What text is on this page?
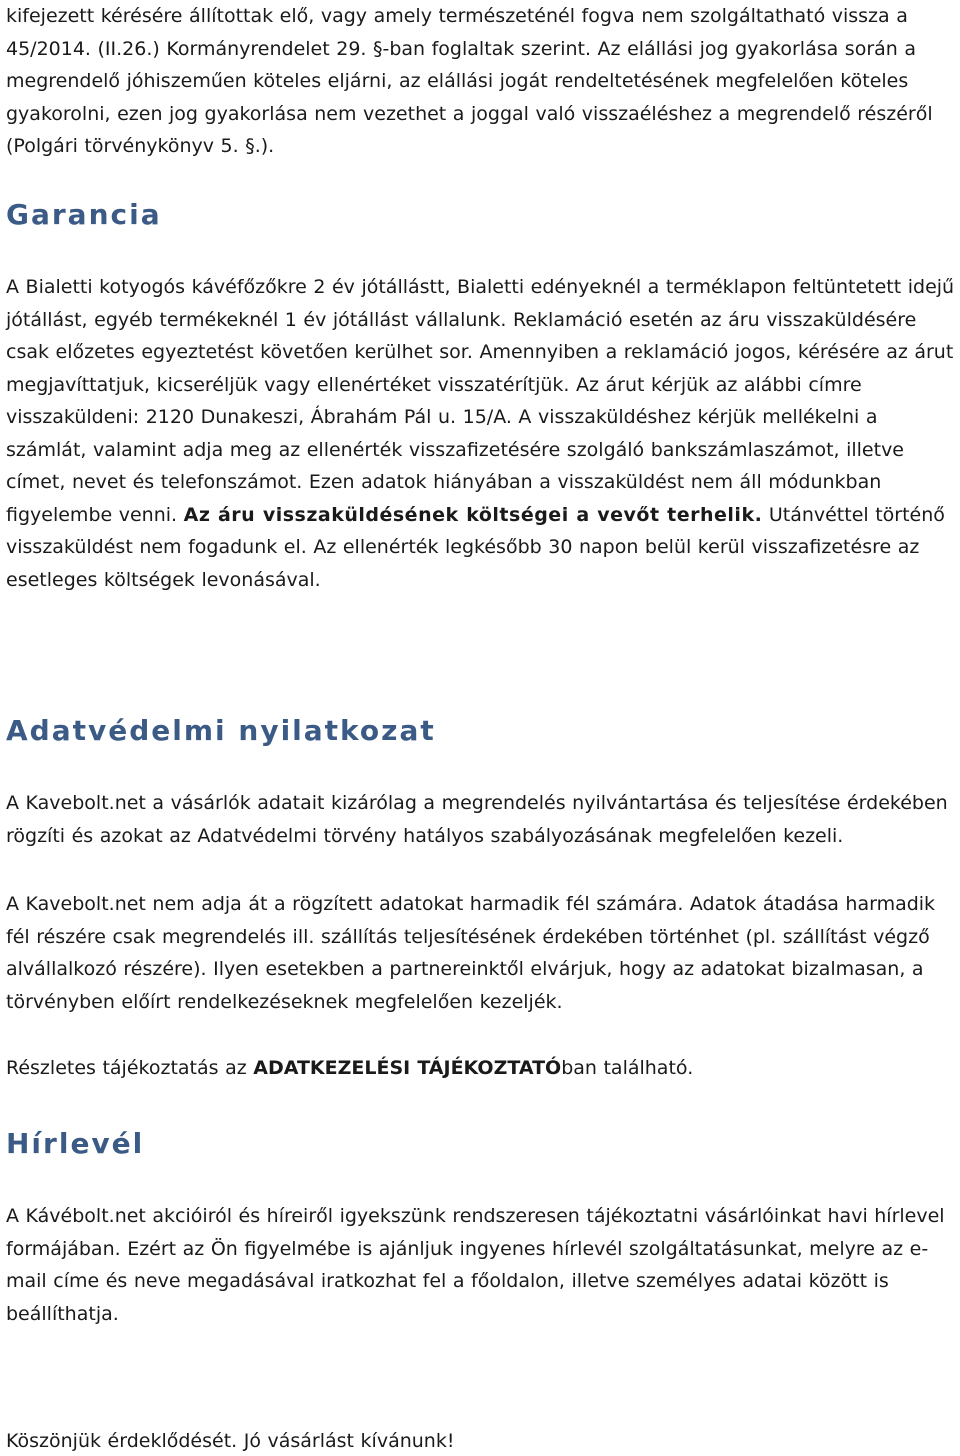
kifejezett kérésére állítottak elő, vagy amely természeténél fogva nem szolgáltatható vissza a 45/2014. (II.26.) Kormányrendelet 29. §-ban foglaltak szerint. Az elállási jog gyakorlása során a megrendelő jóhiszeműen köteles eljárni, az elállási jogát rendeltetésének megfelelően köteles gyakorolni, ezen jog gyakorlása nem vezethet a joggal való visszaéléshez a megrendelő részéről (Polgári törvénykönyv 5. §.).

Garancia

A Bialetti kotyogós kávéfőzőkre 2 év jótállástt, Bialetti edényeknél a terméklapon feltüntetett idejű jótállást, egyéb termékeknél 1 év jótállást vállalunk. Reklamáció esetén az áru visszaküldésére csak előzetes egyeztetést követően kerülhet sor. Amennyiben a reklamáció jogos, kérésére az árut megjavíttatjuk, kicseréljük vagy ellenértéket visszatérítjük. Az árut kérjük az alábbi címre visszaküldeni: 2120 Dunakeszi, Ábrahám Pál u. 15/A. A visszaküldéshez kérjük mellékelni a számlát, valamint adja meg az ellenérték visszafizetésére szolgáló bankszámlaszámot, illetve címet, nevet és telefonszámot. Ezen adatok hiányában a visszaküldést nem áll módunkban figyelembe venni. Az áru visszaküldésének költségei a vevőt terhelik. Utánvéttel történő visszaküldést nem fogadunk el. Az ellenérték legkésőbb 30 napon belül kerül visszafizetésre az esetleges költségek levonásával.

Adatvédelmi nyilatkozat

A Kavebolt.net a vásárlók adatait kizárólag a megrendelés nyilvántartása és teljesítése érdekében rögzíti és azokat az Adatvédelmi törvény hatályos szabályozásának megfelelően kezeli.

A Kavebolt.net nem adja át a rögzített adatokat harmadik fél számára. Adatok átadása harmadik fél részére csak megrendelés ill. szállítás teljesítésének érdekében történhet (pl. szállítást végző alvállalkozó részére). Ilyen esetekben a partnereinktől elvárjuk, hogy az adatokat bizalmasan, a törvényben előírt rendelkezéseknek megfelelően kezeljék.

Részletes tájékoztatás az ADATKEZELÉSI TÁJÉKOZTATÓban található.

Hírlevél

A Kávébolt.net akcióiról és híreiről igyekszünk rendszeresen tájékoztatni vásárlóinkat havi hírlevel formájában. Ezért az Ön figyelmébe is ajánljuk ingyenes hírlevél szolgáltatásunkat, melyre az e-mail címe és neve megadásával iratkozhat fel a főoldalon, illetve személyes adatai között is beállíthatja.

Köszönjük érdeklődését. Jó vásárlást kívánunk!
